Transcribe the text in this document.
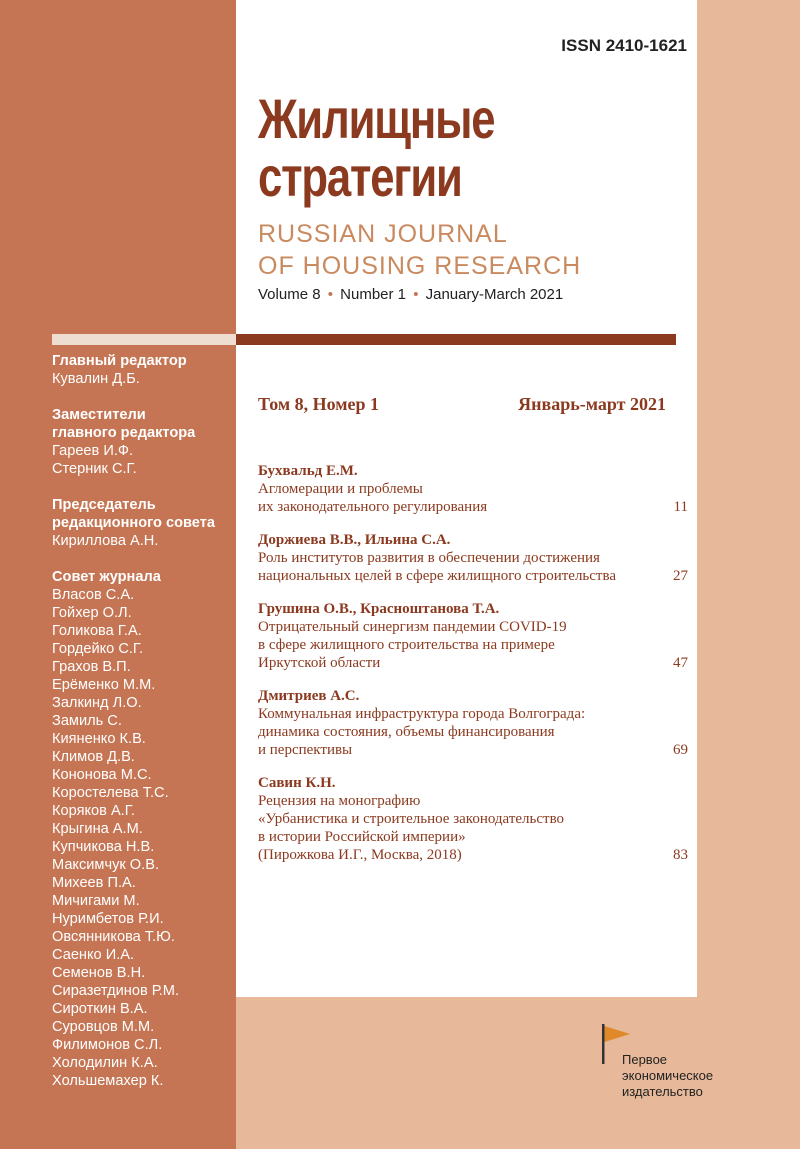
Главный редактор
Кувалин Д.Б.
Заместители
главного редактора
Гареев И.Ф.
Стерник С.Г.
Председатель
редакционного совета
Кириллова А.Н.
Совет журнала
Власов С.А.
Гойхер О.Л.
Голикова Г.А.
Гордейко С.Г.
Грахов В.П.
Ерёменко М.М.
Залкинд Л.О.
Замиль С.
Кияненко К.В.
Климов Д.В.
Кононова М.С.
Коростелева Т.С.
Коряков А.Г.
Крыгина А.М.
Купчикова Н.В.
Максимчук О.В.
Михеев П.А.
Мичигами М.
Нуримбетов Р.И.
Овсянникова Т.Ю.
Саенко И.А.
Семенов В.Н.
Сиразетдинов Р.М.
Сироткин В.А.
Суровцов М.М.
Филимонов С.Л.
Холодилин К.А.
Хольшемахер К.
ISSN 2410-1621
Жилищные
стратегии
RUSSIAN JOURNAL
OF HOUSING RESEARCH
Volume 8 • Number 1 • January-March 2021
Том 8, Номер 1	Январь-март 2021
Бухвальд Е.М.
Агломерации и проблемы
их законодательного регулирования	11
Доржиева В.В., Ильина С.А.
Роль институтов развития в обеспечении достижения
национальных целей в сфере жилищного строительства	27
Грушина О.В., Красноштанова Т.А.
Отрицательный синергизм пандемии COVID-19
в сфере жилищного строительства на примере
Иркутской области	47
Дмитриев А.С.
Коммунальная инфраструктура города Волгограда:
динамика состояния, объемы финансирования
и перспективы	69
Савин К.Н.
Рецензия на монографию
«Урбанистика и строительное законодательство
в истории Российской империи»
(Пирожкова И.Г., Москва, 2018)	83
Первое
экономическое
издательство
